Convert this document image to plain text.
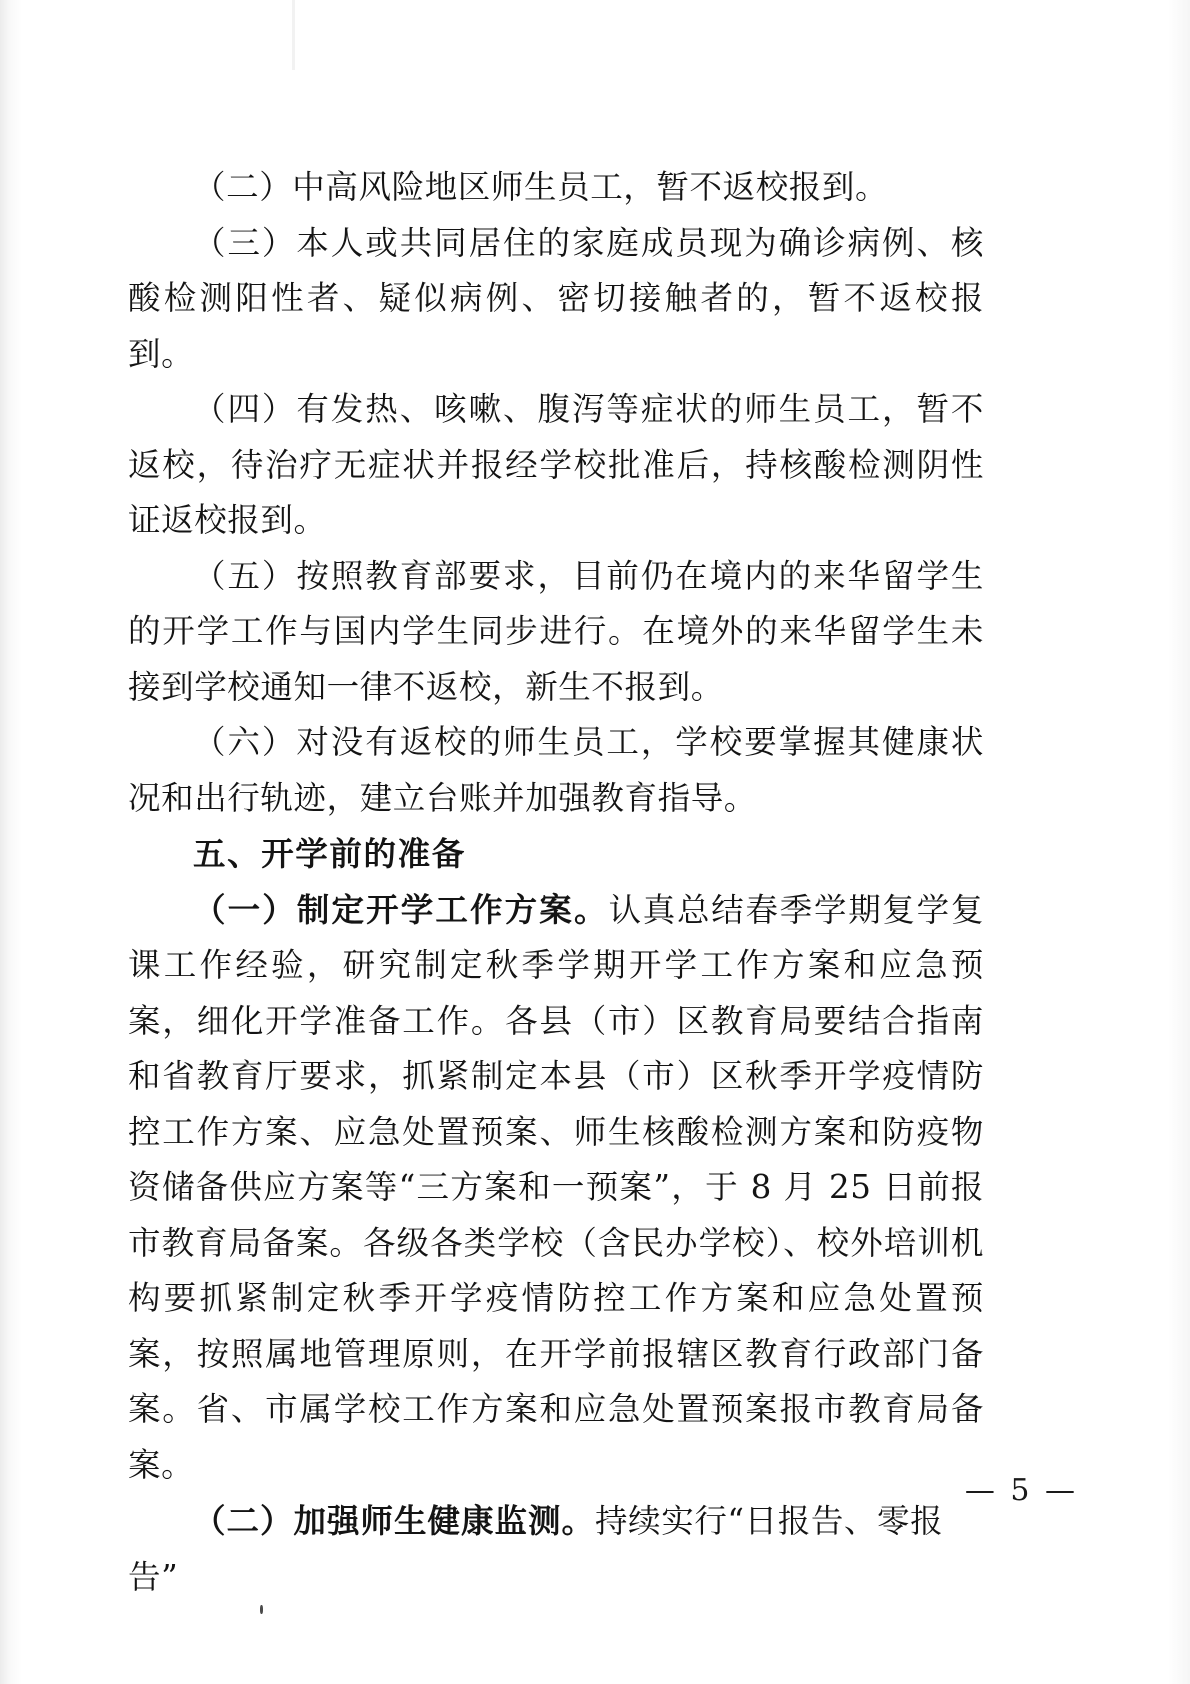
（二）中高风险地区师生员工，暂不返校报到。

（三）本人或共同居住的家庭成员现为确诊病例、核酸检测阳性者、疑似病例、密切接触者的，暂不返校报到。

（四）有发热、咳嗽、腹泻等症状的师生员工，暂不返校，待治疗无症状并报经学校批准后，持核酸检测阴性证返校报到。

（五）按照教育部要求，目前仍在境内的来华留学生的开学工作与国内学生同步进行。在境外的来华留学生未接到学校通知一律不返校，新生不报到。

（六）对没有返校的师生员工，学校要掌握其健康状况和出行轨迹，建立台账并加强教育指导。

五、开学前的准备

（一）制定开学工作方案。认真总结春季学期复学复课工作经验，研究制定秋季学期开学工作方案和应急预案，细化开学准备工作。各县（市）区教育局要结合指南和省教育厅要求，抓紧制定本县（市）区秋季开学疫情防控工作方案、应急处置预案、师生核酸检测方案和防疫物资储备供应方案等“三方案和一预案”，于 8 月 25 日前报市教育局备案。各级各类学校（含民办学校）、校外培训机构要抓紧制定秋季开学疫情防控工作方案和应急处置预案，按照属地管理原则，在开学前报辖区教育行政部门备案。省、市属学校工作方案和应急处置预案报市教育局备案。

（二）加强师生健康监测。持续实行“日报告、零报告”

— 5 —
